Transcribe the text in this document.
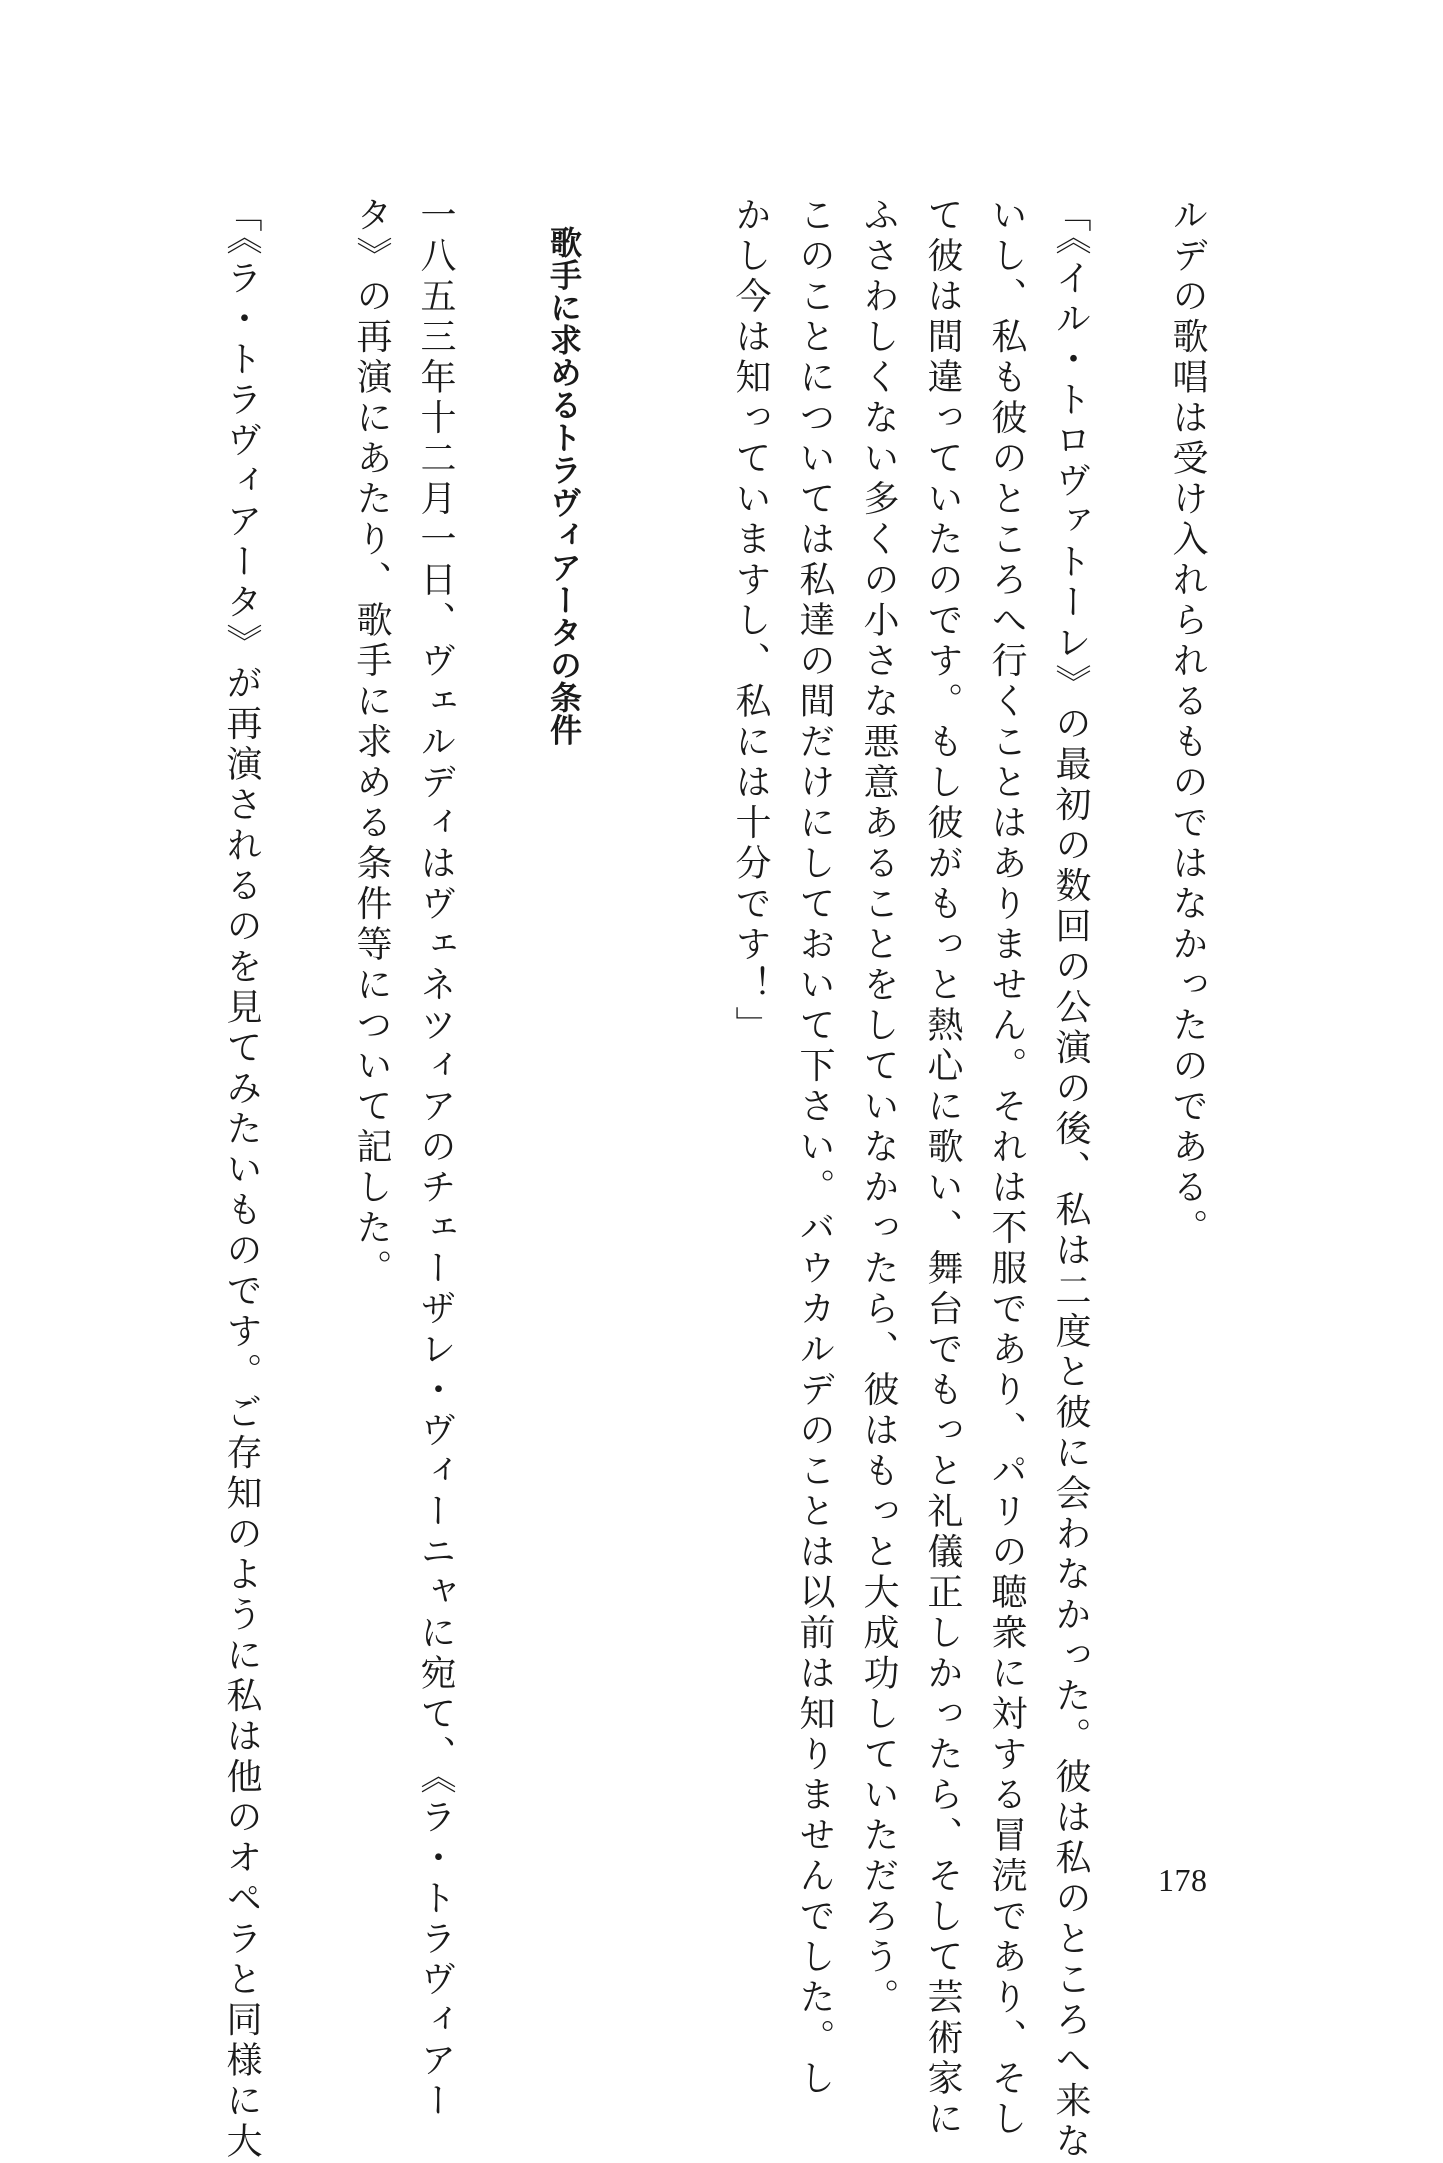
ルデの歌唱は受け入れられるものではなかったのである。

「《イル・トロヴァトーレ》の最初の数回の公演の後、私は二度と彼に会わなかった。彼は私のところへ来な

いし、私も彼のところへ行くことはありません。それは不服であり、パリの聴衆に対する冒涜であり、そし

て彼は間違っていたのです。もし彼がもっと熱心に歌い、舞台でもっと礼儀正しかったら、そして芸術家に

ふさわしくない多くの小さな悪意あることをしていなかったら、彼はもっと大成功していただろう。

このことについては私達の間だけにしておいて下さい。バウカルデのことは以前は知りませんでした。し

かし今は知っていますし、私には十分です！」

歌手に求めるトラヴィアータの条件

一八五三年十二月一日、ヴェルディはヴェネツィアのチェーザレ・ヴィーニャに宛て、《ラ・トラヴィアー

タ》の再演にあたり、歌手に求める条件等について記した。

「《ラ・トラヴィアータ》が再演されるのを見てみたいものです。ご存知のように私は他のオペラと同様に大	178
